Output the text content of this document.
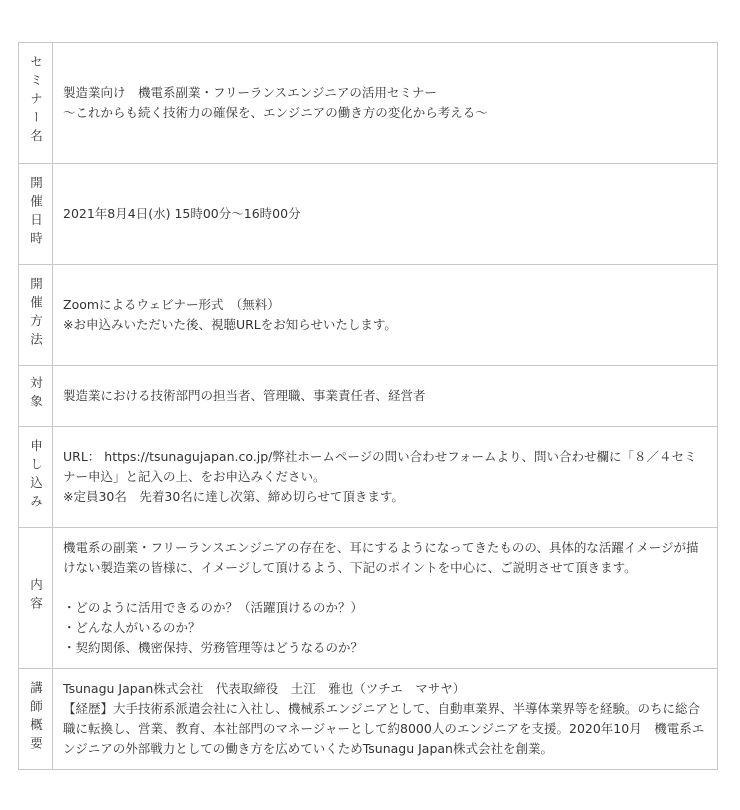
セミナー名	製造業向け　機電系副業・フリーランスエンジニアの活用セミナー
〜これからも続く技術力の確保を、エンジニアの働き方の変化から考える〜

開催日時	2021年8月4日(水) 15時00分〜16時00分

開催方法	Zoomによるウェビナー形式　（無料）
※お申込みいただいた後、視聴URLをお知らせいたします。

対象	製造業における技術部門の担当者、管理職、事業責任者、経営者

申し込み	URL： https://tsunagujapan.co.jp/弊社ホームページの問い合わせフォームより、問い合わせ欄に「８／４セミナー申込」と記入の上、をお申込みください。
※定員30名　先着30名に達し次第、締め切らせて頂きます。

内容	機電系の副業・フリーランスエンジニアの存在を、耳にするようになってきたものの、具体的な活躍イメージが描けない製造業の皆様に、イメージして頂けるよう、下記のポイントを中心に、ご説明させて頂きます。
・どのように活用できるのか？（活躍頂けるのか？）
・どんな人がいるのか？
・契約関係、機密保持、労務管理等はどうなるのか？

講師概要	Tsunagu Japan株式会社　代表取締役　土江　雅也（ツチエ　マサヤ）
【経歴】大手技術系派遣会社に入社し、機械系エンジニアとして、自動車業界、半導体業界等を経験。のちに総合職に転換し、営業、教育、本社部門のマネージャーとして約8000人のエンジニアを支援。2020年10月　機電系エンジニアの外部戦力としての働き方を広めていくためTsunagu Japan株式会社を創業。
